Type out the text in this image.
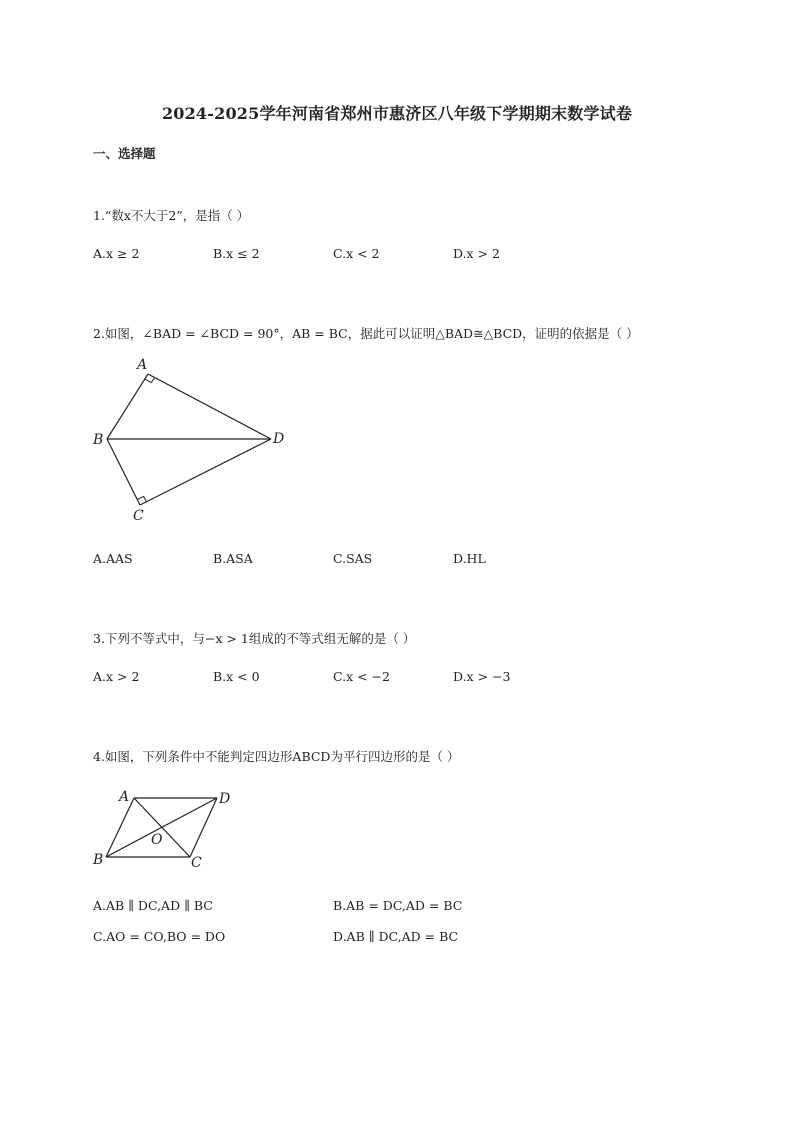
2024-2025学年河南省郑州市惠济区八年级下学期期末数学试卷
一、选择题
1.“数x不大于2”，是指（ ）
A.x ≥ 2	B.x ≤ 2	C.x < 2	D.x > 2
2.如图，∠BAD = ∠BCD = 90°，AB = BC，据此可以证明△BAD≅△BCD，证明的依据是（ ）
A
B
C
D
A.AAS	B.ASA	C.SAS	D.HL
3.下列不等式中，与−x > 1组成的不等式组无解的是（ ）
A.x > 2	B.x < 0	C.x < −2	D.x > −3
4.如图，下列条件中不能判定四边形ABCD为平行四边形的是（ ）
A	D
B	C
O
A.AB ∥ DC,AD ∥ BC	B.AB = DC,AD = BC
C.AO = CO,BO = DO	D.AB ∥ DC,AD = BC
